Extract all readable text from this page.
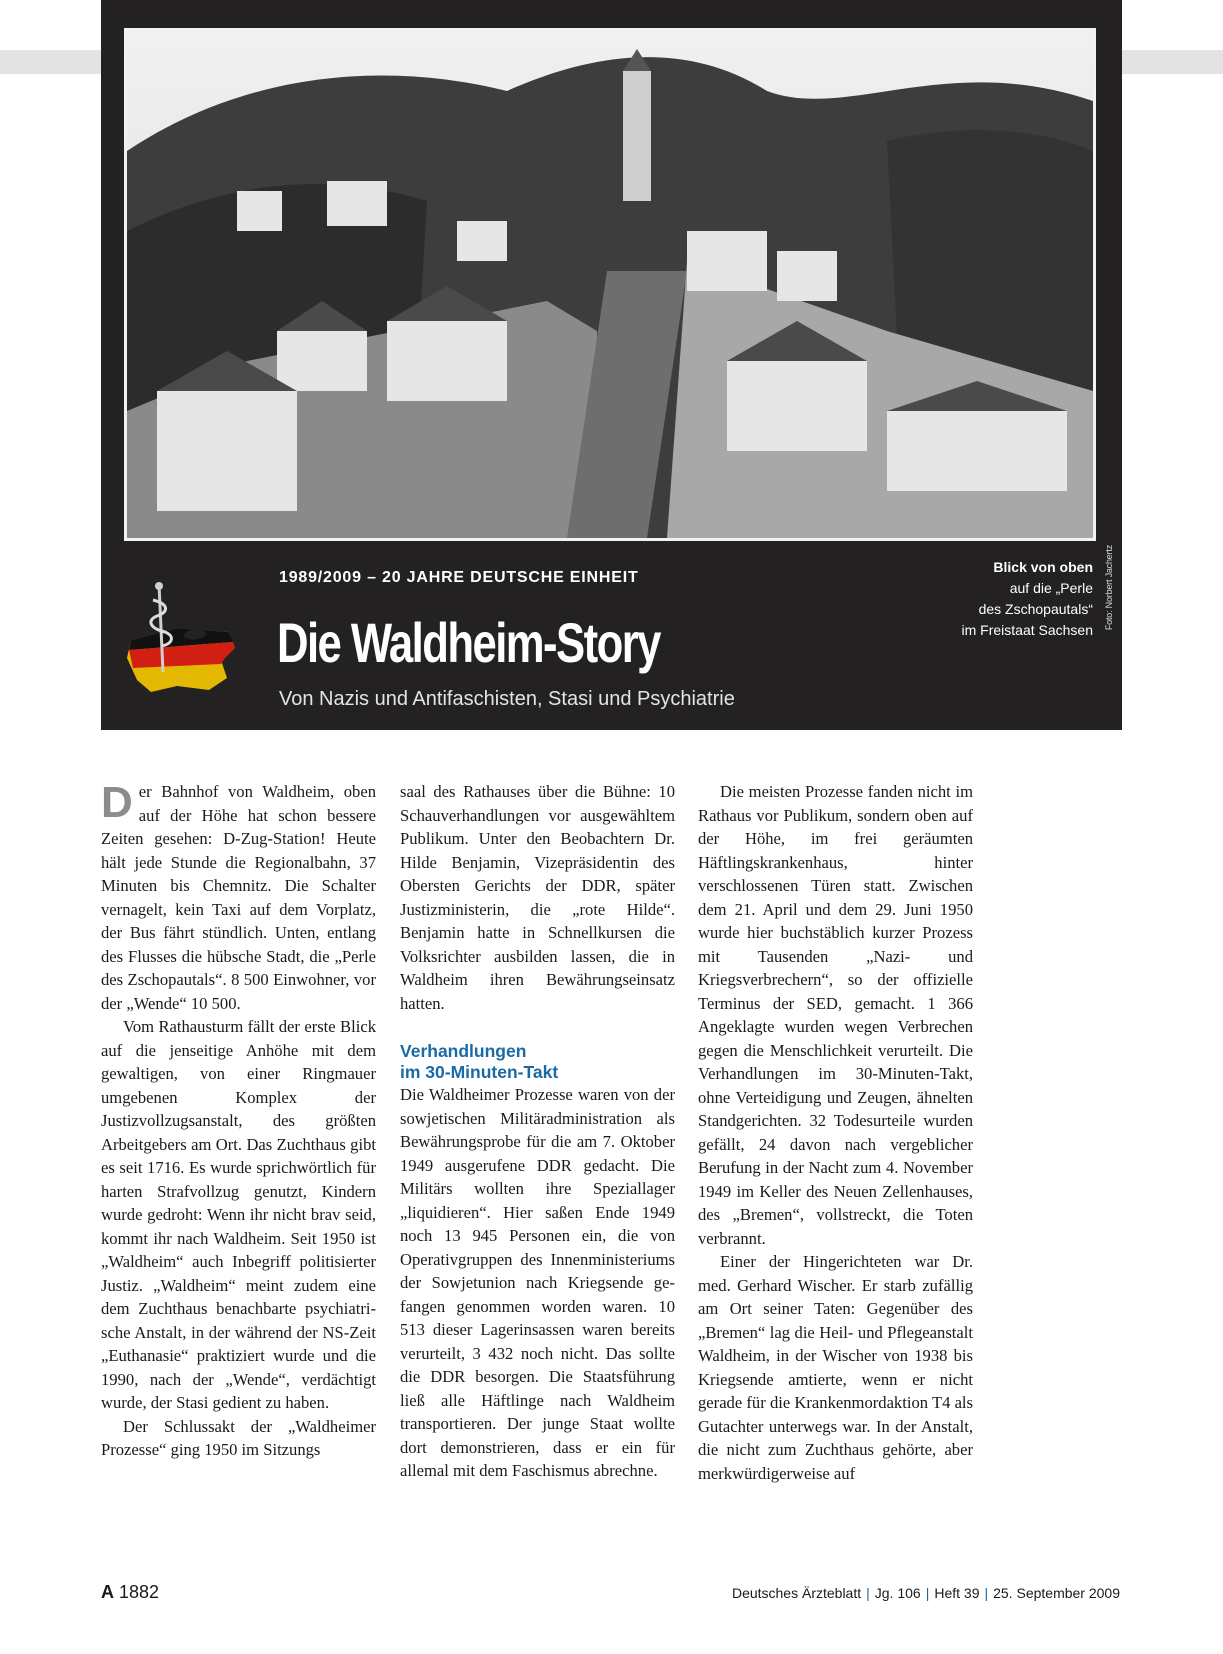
Foto: Norbert Jachertz
1989/2009 – 20 JAHRE DEUTSCHE EINHEIT
Die Waldheim-Story
Von Nazis und Antifaschisten, Stasi und Psychiatrie
Blick von oben
auf die „Perle
des Zschopautals“
im Freistaat Sachsen

Der Bahnhof von Waldheim, oben auf der Höhe hat schon bessere Zeiten gesehen: D-Zug-Station! Heute hält jede Stunde die Regionalbahn, 37 Minuten bis Chemnitz. Die Schalter vernagelt, kein Taxi auf dem Vorplatz, der Bus fährt stündlich. Unten, entlang des Flusses die hübsche Stadt, die „Perle des Zschopautals“. 8 500 Einwohner, vor der „Wende“ 10 500.

Vom Rathausturm fällt der erste Blick auf die jenseitige Anhöhe mit dem gewaltigen, von einer Ringmauer umgebenen Komplex der Justizvollzugsanstalt, des größten Arbeitgebers am Ort. Das Zuchthaus gibt es seit 1716. Es wurde sprichwörtlich für harten Strafvollzug genutzt, Kindern wurde gedroht: Wenn ihr nicht brav seid, kommt ihr nach Waldheim. Seit 1950 ist „Waldheim“ auch Inbegriff politisierter Justiz. „Waldheim“ meint zudem eine dem Zuchthaus benachbarte psychiatrische Anstalt, in der während der NS-Zeit „Euthanasie“ praktiziert wurde und die 1990, nach der „Wende“, verdächtigt wurde, der Stasi gedient zu haben.

Der Schlussakt der „Waldheimer Prozesse“ ging 1950 im Sitzungs

saal des Rathauses über die Bühne: 10 Schauverhandlungen vor ausgewähltem Publikum. Unter den Beobachtern Dr. Hilde Benjamin, Vizepräsidentin des Obersten Gerichts der DDR, später Justizministerin, die „rote Hilde“. Benjamin hatte in Schnellkursen die Volksrichter ausbilden lassen, die in Waldheim ihren Bewährungseinsatz hatten.

Verhandlungen
im 30-Minuten-Takt

Die Waldheimer Prozesse waren von der sowjetischen Militäradministration als Bewährungsprobe für die am 7. Oktober 1949 ausgerufene DDR gedacht. Die Militärs wollten ihre Speziallager „liquidieren“. Hier saßen Ende 1949 noch 13 945 Personen ein, die von Operativgruppen des Innenministeriums der Sowjetunion nach Kriegsende gefangen genommen worden waren. 10 513 dieser Lagerinsassen waren bereits verurteilt, 3 432 noch nicht. Das sollte die DDR besorgen. Die Staatsführung ließ alle Häftlinge nach Waldheim transportieren. Der junge Staat wollte dort demonstrieren, dass er ein für allemal mit dem Faschismus abrechne.

Die meisten Prozesse fanden nicht im Rathaus vor Publikum, sondern oben auf der Höhe, im frei geräumten Häftlingskrankenhaus, hinter verschlossenen Türen statt. Zwischen dem 21. April und dem 29. Juni 1950 wurde hier buchstäblich kurzer Prozess mit Tausenden „Nazi- und Kriegsverbrechern“, so der offizielle Terminus der SED, gemacht. 1 366 Angeklagte wurden wegen Verbrechen gegen die Menschlichkeit verurteilt. Die Verhandlungen im 30-Minuten-Takt, ohne Verteidigung und Zeugen, ähnelten Standgerichten. 32 Todesurteile wurden gefällt, 24 davon nach vergeblicher Berufung in der Nacht zum 4. November 1949 im Keller des Neuen Zellenhauses, des „Bremen“, vollstreckt, die Toten verbrannt.

Einer der Hingerichteten war Dr. med. Gerhard Wischer. Er starb zufällig am Ort seiner Taten: Gegenüber des „Bremen“ lag die Heil- und Pflegeanstalt Waldheim, in der Wischer von 1938 bis Kriegsende amtierte, wenn er nicht gerade für die Krankenmordaktion T4 als Gutachter unterwegs war. In der Anstalt, die nicht zum Zuchthaus gehörte, aber merkwürdigerweise auf

A 1882	Deutsches Ärzteblatt | Jg. 106 | Heft 39 | 25. September 2009
